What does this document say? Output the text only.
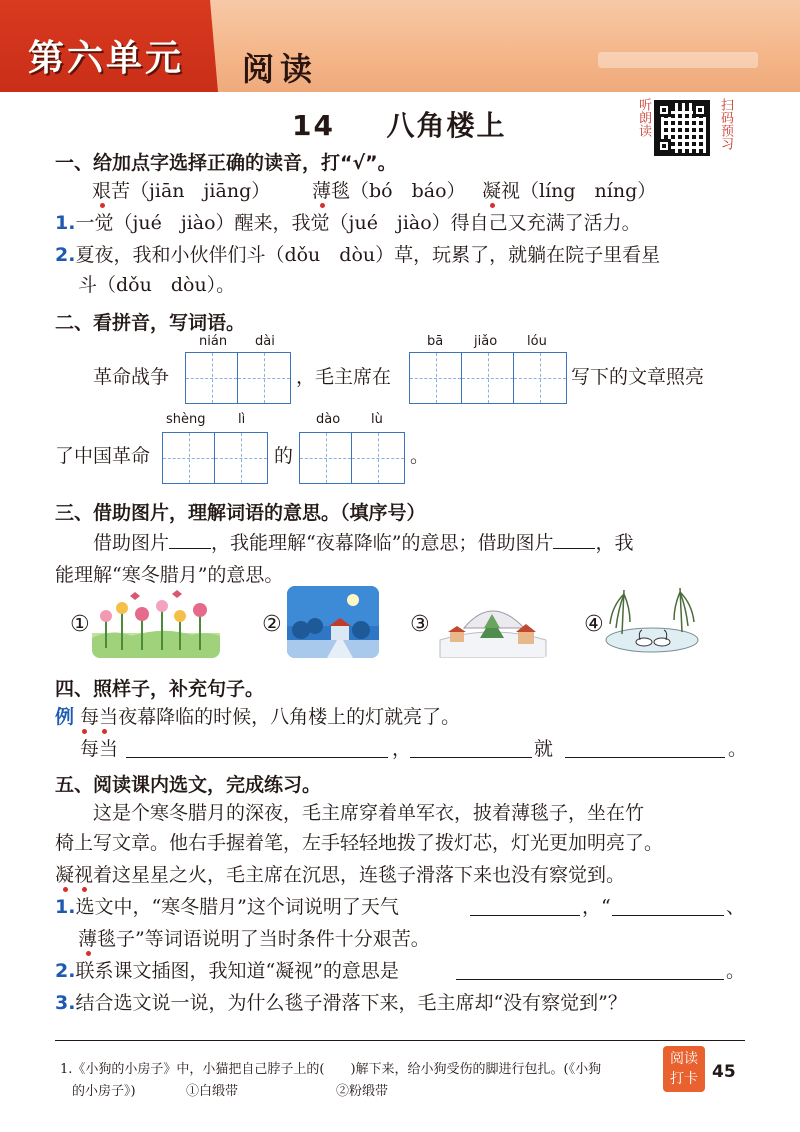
第六单元 阅读
14 八角楼上	听朗读	扫码预习
一、给加点字选择正确的读音，打“√”。
艰苦（jiān　jiāng） 薄毯（bó　báo） 凝视（líng　níng）
1.一觉（jué　jiào）醒来，我觉（jué　jiào）得自己又充满了活力。
2.夏夜，我和小伙伴们斗（dǒu　dòu）草，玩累了，就躺在院子里看星
斗（dǒu　dòu）。
二、看拼音，写词语。
nián dài	bā jiǎo lóu
革命战争	，毛主席在	写下的文章照亮
shèng lì	dào lù
了中国革命	的	。
三、借助图片，理解词语的意思。（填序号）
借助图片 ，我能理解“夜幕降临”的意思；借助图片 ，我
能理解“寒冬腊月”的意思。
①	②	③	④
四、照样子，补充句子。
例 每当夜幕降临的时候，八角楼上的灯就亮了。
每当	，	就	。
五、阅读课内选文，完成练习。
这是个寒冬腊月的深夜，毛主席穿着单军衣，披着薄毯子，坐在竹
椅上写文章。他右手握着笔，左手轻轻地拨了拨灯芯，灯光更加明亮了。
凝视着这星星之火，毛主席在沉思，连毯子滑落下来也没有察觉到。
1.选文中，“寒冬腊月”这个词说明了天气	，“	、
薄毯子”等词语说明了当时条件十分艰苦。
2.联系课文插图，我知道“凝视”的意思是	。
3.结合选文说一说，为什么毯子滑落下来，毛主席却“没有察觉到”？
1.《小狗的小房子》中，小猫把自己脖子上的(　　)解下来，给小狗受伤的脚进行包扎。(《小狗
的小房子》)	①白缎带	②粉缎带
阅读
打卡 45
